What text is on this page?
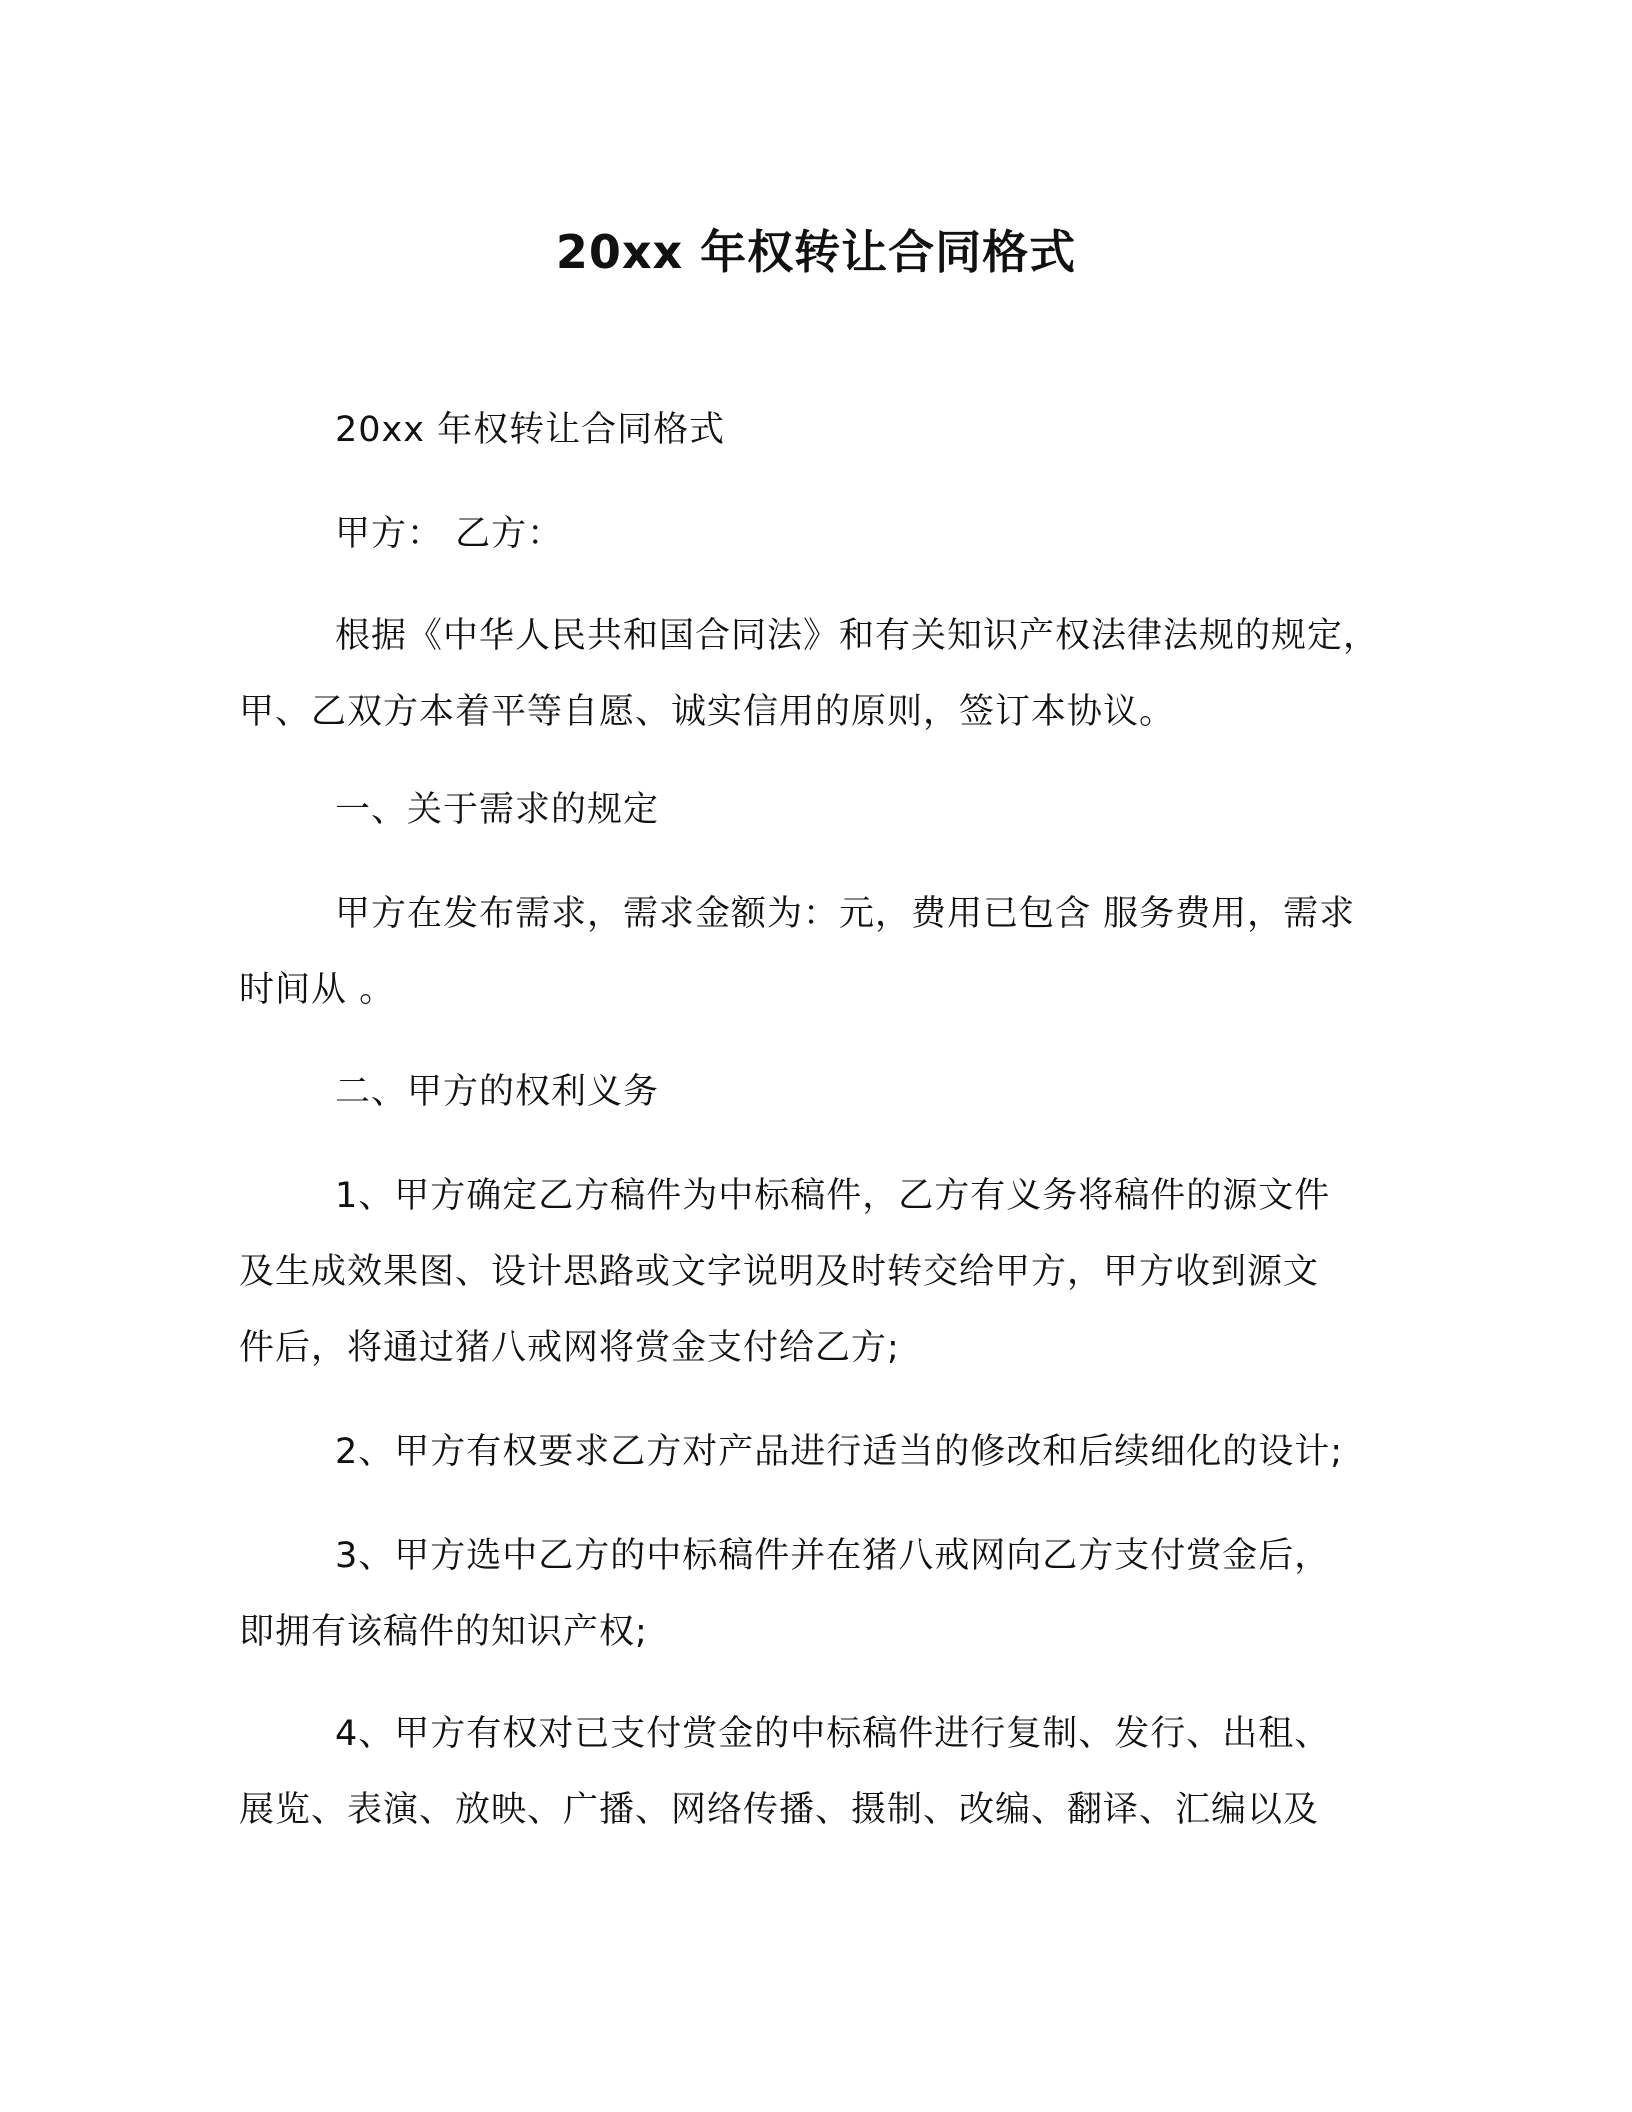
20xx 年权转让合同格式
20xx 年权转让合同格式
甲方： 乙方：
根据《中华人民共和国合同法》和有关知识产权法律法规的规定，
甲、乙双方本着平等自愿、诚实信用的原则，签订本协议。
一、关于需求的规定
甲方在发布需求，需求金额为：元，费用已包含 服务费用，需求
时间从 。
二、甲方的权利义务
1、甲方确定乙方稿件为中标稿件，乙方有义务将稿件的源文件
及生成效果图、设计思路或文字说明及时转交给甲方，甲方收到源文
件后，将通过猪八戒网将赏金支付给乙方;
2、甲方有权要求乙方对产品进行适当的修改和后续细化的设计;
3、甲方选中乙方的中标稿件并在猪八戒网向乙方支付赏金后，
即拥有该稿件的知识产权;
4、甲方有权对已支付赏金的中标稿件进行复制、发行、出租、
展览、表演、放映、广播、网络传播、摄制、改编、翻译、汇编以及
